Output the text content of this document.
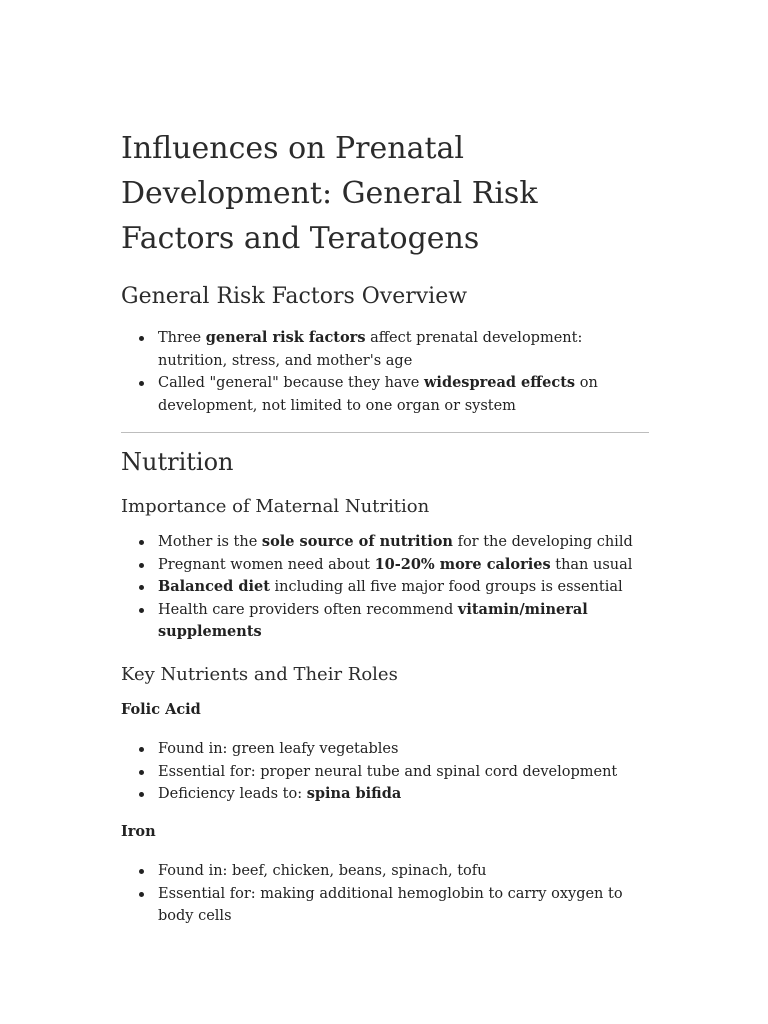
Influences on Prenatal Development: General Risk Factors and Teratogens
General Risk Factors Overview
Three general risk factors affect prenatal development: nutrition, stress, and mother's age
Called "general" because they have widespread effects on development, not limited to one organ or system
Nutrition
Importance of Maternal Nutrition
Mother is the sole source of nutrition for the developing child
Pregnant women need about 10-20% more calories than usual
Balanced diet including all five major food groups is essential
Health care providers often recommend vitamin/mineral supplements
Key Nutrients and Their Roles
Folic Acid
Found in: green leafy vegetables
Essential for: proper neural tube and spinal cord development
Deficiency leads to: spina bifida
Iron
Found in: beef, chicken, beans, spinach, tofu
Essential for: making additional hemoglobin to carry oxygen to body cells
